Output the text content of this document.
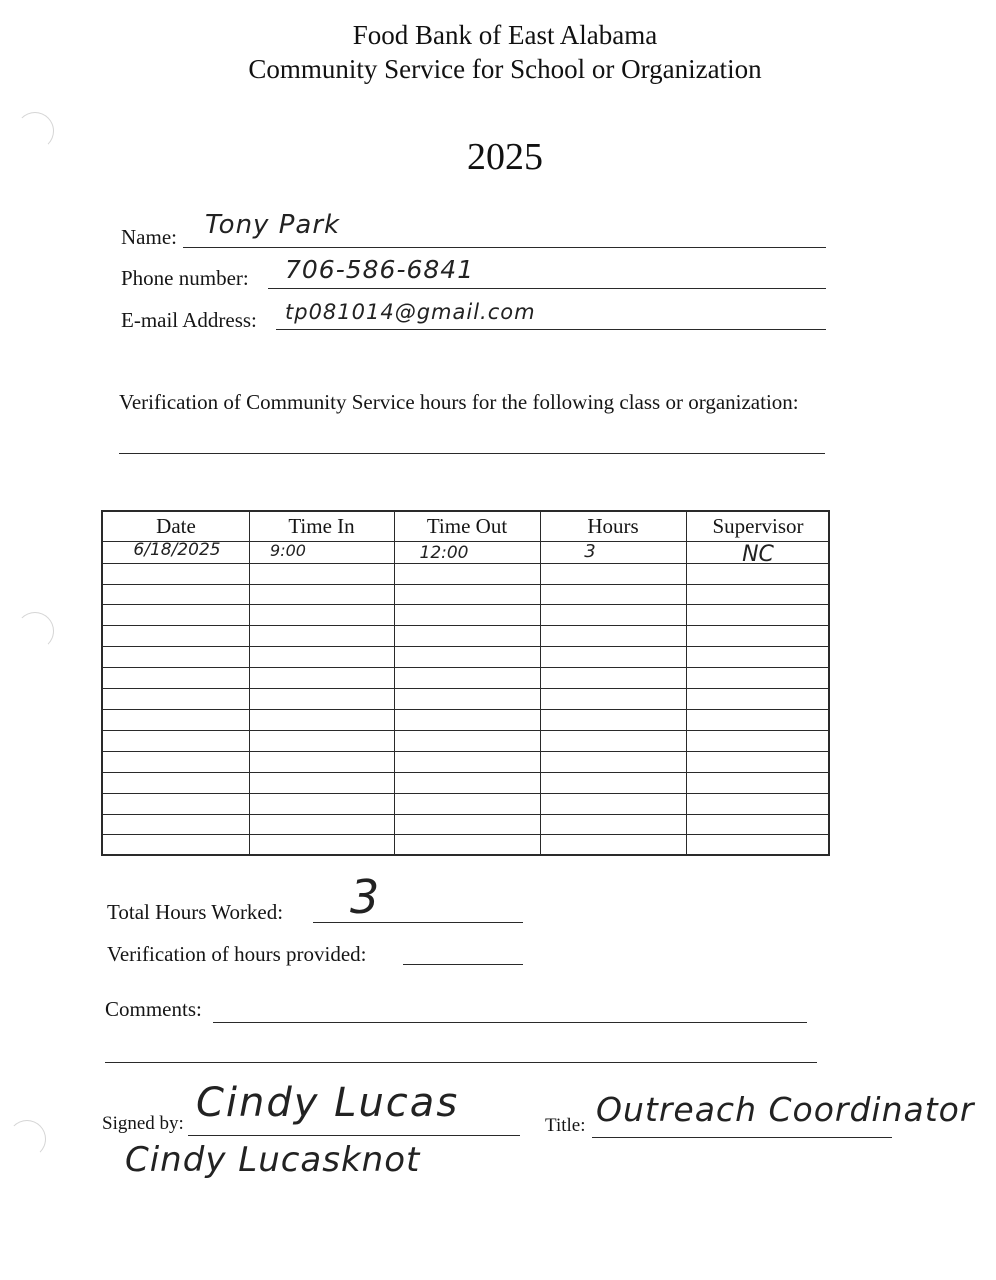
Food Bank of East Alabama
Community Service for School or Organization
2025
Name: Tony Park
Phone number: 706-586-6841
E-mail Address: tp081014@gmail.com
Verification of Community Service hours for the following class or organization:
Date	Time In	Time Out	Hours	Supervisor
6/18/2025	9:00	12:00	3	NC
Total Hours Worked: 3
Verification of hours provided:
Comments:
Signed by: Cindy Lucas
Cindy Lucasknot
Title: Outreach Coordinator
